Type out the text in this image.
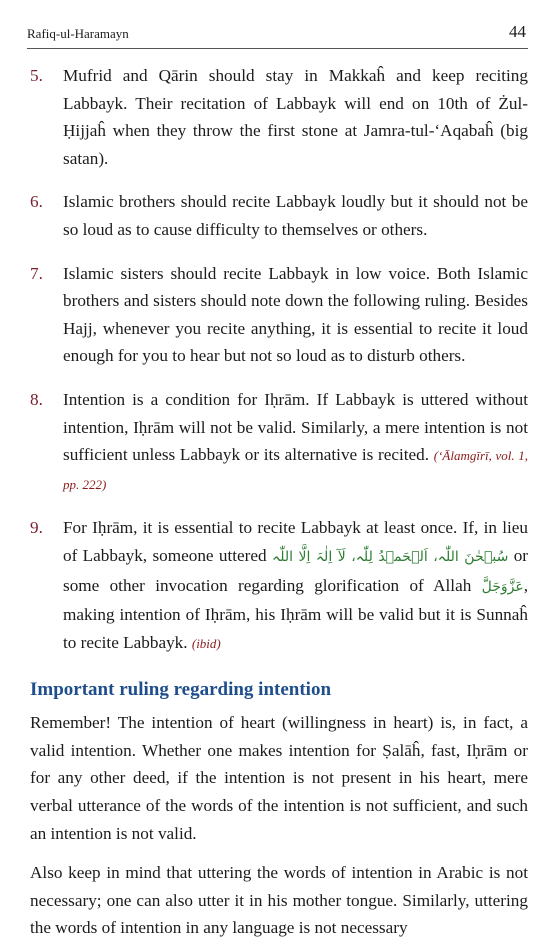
Rafiq-ul-Haramayn	44
5. Mufrid and Qārin should stay in Makkaĥ and keep reciting Labbayk. Their recitation of Labbayk will end on 10th of Żul-Ḥijjaĥ when they throw the first stone at Jamra-tul-‘Aqabaĥ (big satan).
6. Islamic brothers should recite Labbayk loudly but it should not be so loud as to cause difficulty to themselves or others.
7. Islamic sisters should recite Labbayk in low voice. Both Islamic brothers and sisters should note down the following ruling. Besides Hajj, whenever you recite anything, it is essential to recite it loud enough for you to hear but not so loud as to disturb others.
8. Intention is a condition for Iḥrām. If Labbayk is uttered without intention, Iḥrām will not be valid. Similarly, a mere intention is not sufficient unless Labbayk or its alternative is recited. (‘Ālamgīrī, vol. 1, pp. 222)
9. For Iḥrām, it is essential to recite Labbayk at least once. If, in lieu of Labbayk, someone uttered سُبۡحٰنَ اللّٰہ، اَلۡحَمۡدُ لِلّٰہ، لَآ اِلٰہَ اِلَّا اللّٰہ or some other invocation regarding glorification of Allah عَزَّوَجَلَّ, making intention of Iḥrām, his Iḥrām will be valid but it is Sunnaĥ to recite Labbayk. (ibid)
Important ruling regarding intention

Remember! The intention of heart (willingness in heart) is, in fact, a valid intention. Whether one makes intention for Ṣalāĥ, fast, Iḥrām or for any other deed, if the intention is not present in his heart, mere verbal utterance of the words of the intention is not sufficient, and such an intention is not valid.

Also keep in mind that uttering the words of intention in Arabic is not necessary; one can also utter it in his mother tongue. Similarly, uttering the words of intention in any language is not necessary
